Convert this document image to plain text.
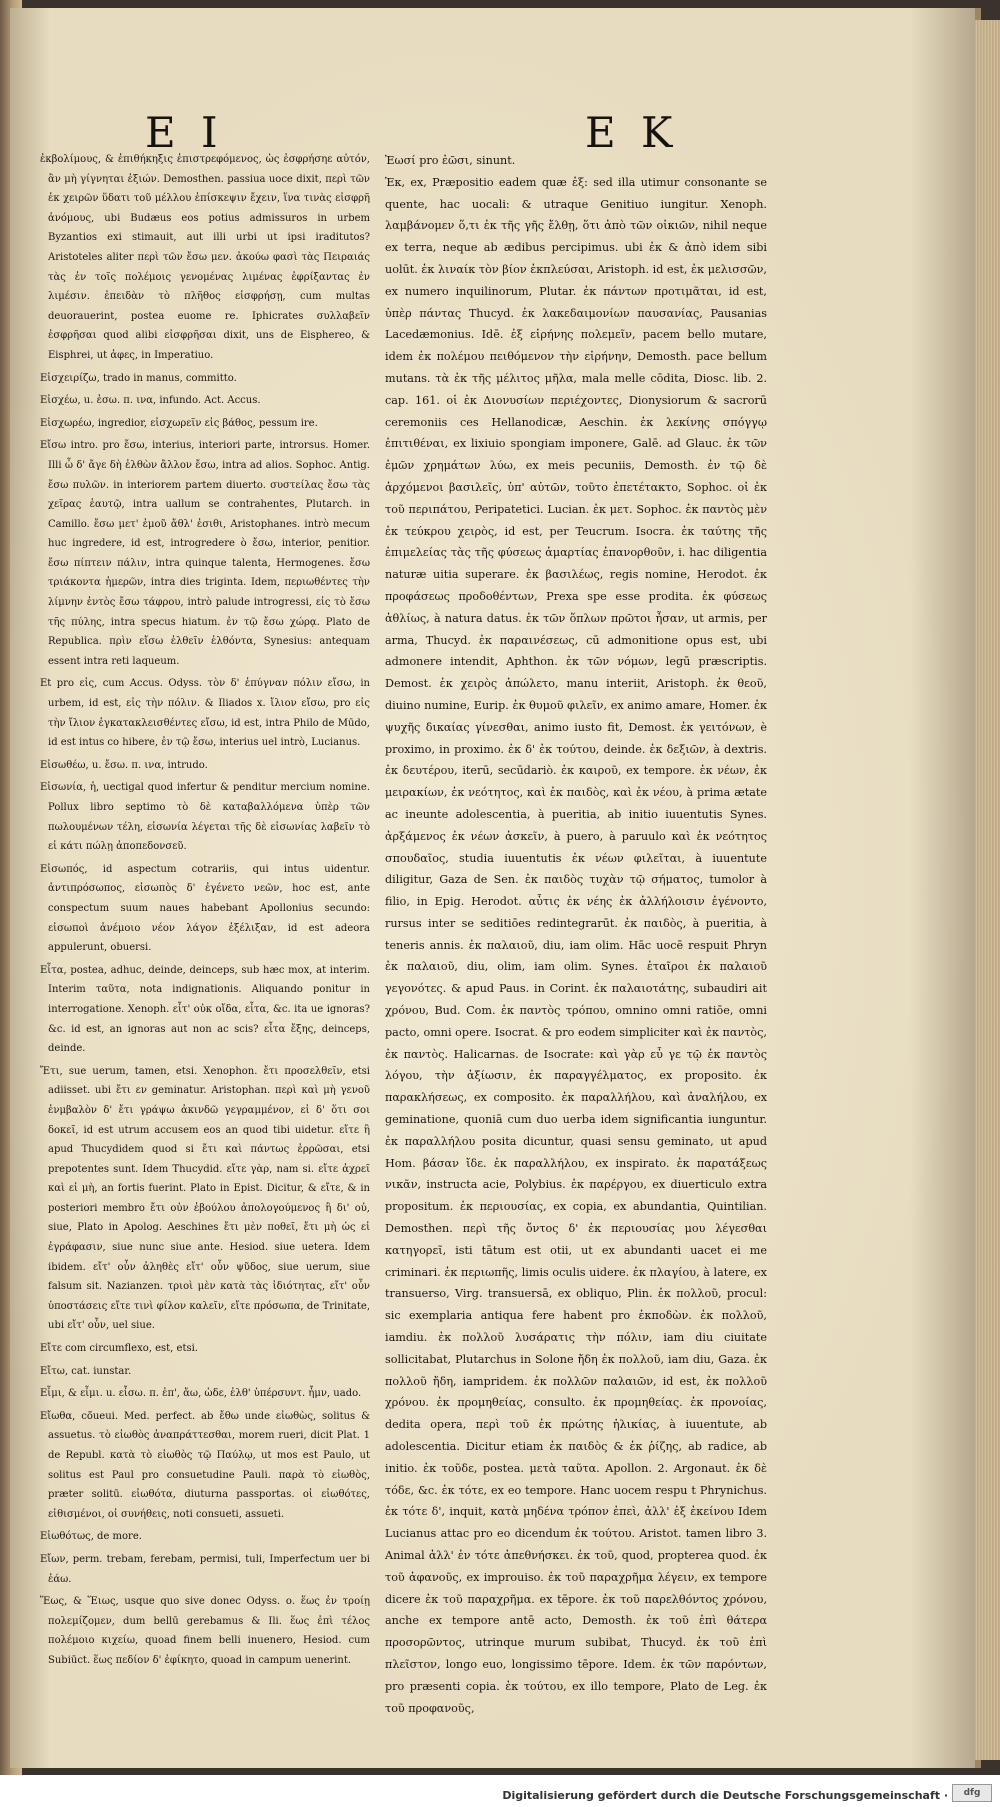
E I	E K

ἐκβολίμους, & ἐπιθήκηξις ἐπιστρεφόμενος, ὡς ἐσφρήσηε αὐτόν, ἂν μὴ γίγνηται ἐξιών. Demosthen. passiua uoce dixit, περὶ τῶν ἐκ χειρῶν ὕδατι τοῦ μέλλου ἐπίσκεψιν ἔχειν, ἵνα τινὰς εἰσφρῆ ἀνόμους, ubi Budæus eos potius admissuros in urbem Byzantios exi stimauit, aut illi urbi ut ipsi iraditutos? Aristoteles aliter περὶ τῶν ἔσω μεν. ἀκούω φασὶ τὰς Πειραιάς τὰς ἐν τοῖς πολέμοις γενομένας λιμένας ἐφρίξαντας ἐν λιμέσιν. ἐπειδὰν τὸ πλῆθος εἰσφρήσῃ, cum multas deuorauerint, postea euome re. Iphicrates συλλαβεῖν ἐσφρῆσαι quod alibi εἰσφρῆσαι dixit, uns de Eisphereo, & Eisphrei, ut ἀφες, in Imperatiuo.

Εἰσχειρίζω, trado in manus, committo.

Εἰσχέω, u. ἐσω. π. ινα, infundo. Act. Accus.

Εἰσχωρέω, ingredior, εἰσχωρεῖν εἰς βάθος, pessum ire.

Εἴσω intro. pro ἔσω, interius, interiori parte, introrsus. Homer. Illi ὦ δ' ἄγε δὴ ἐλθὼν ἄλλον ἔσω, intra ad alios. Sophoc. Antig. ἔσω πυλῶν. in interiorem partem diuerto. συστείλας ἔσω τὰς χεῖρας ἑαυτῷ, intra uallum se contrahentes, Plutarch. in Camillo. ἔσω μετ' ἐμοῦ ἄθλ' ἐσιθι, Aristophanes. intrò mecum huc ingredere, id est, introgredere ò ἔσω, interior, penitior. ἔσω πίπτειν πάλιν, intra quinque talenta, Hermogenes. ἔσω τριάκοντα ἡμερῶν, intra dies triginta. Idem, περιωθέντες τὴν λίμνην ἐντὸς ἔσω τάφρου, intrò palude introgressi, εἰς τὸ ἔσω τῆς πύλης, intra specus hiatum. ἐν τῷ ἔσω χώρᾳ. Plato de Republica. πρὶν εἴσω ἐλθεῖν ἐλθόντα, Synesius: antequam essent intra reti laqueum.

Et pro εἰς, cum Accus. Odyss. τὸν δ' ἐπύγναν πόλιν εἴσω, in urbem, id est, εἰς τὴν πόλιν. & Iliados x. ἴλιον εἴσω, pro εἰς τὴν ἴλιον ἐγκατακλεισθέντες εἴσω, id est, intra Philo de Mūdo, id est intus co hibere, ἐν τῷ ἔσω, interius uel intrò, Lucianus.

Εἰσωθέω, u. ἔσω. π. ινα, intrudo.

Εἰσωνία, ἡ, uectigal quod infertur & penditur mercium nomine. Pollux libro septimo τὸ δὲ καταβαλλόμενα ὑπὲρ τῶν πωλουμένων τέλη, εἰσωνία λέγεται τῆς δὲ εἰσωνίας λαβεῖν τὸ εἰ κάτι πώλῃ ἀποπεδονσεῦ.

Εἰσωπός, id aspectum cotrariis, qui intus uidentur. ἀντιπρόσωπος, εἰσωπὸς δ' ἐγένετο νεῶν, hoc est, ante conspectum suum naues habebant Apollonius secundo: εἰσωποὶ ἀνέμοιο νέον λάγον ἐξέλιξαν, id est adeora appulerunt, obuersi.

Εἶτα, postea, adhuc, deinde, deinceps, sub hæc mox, at interim. Interim ταῦτα, nota indignationis. Aliquando ponitur in interrogatione. Xenoph. εἶτ' οὐκ οἴδα, εἶτα, &c. ita ue ignoras? &c. id est, an ignoras aut non ac scis? εἶτα ἔξης, deinceps, deinde.

Ἔτι, sue uerum, tamen, etsi. Xenophon. ἔτι προσελθεῖν, etsi adiisset. ubi ἔτι εν geminatur. Aristophan. περὶ καὶ μὴ γενοῦ ἐνμβαλὸν δ' ἔτι γράψω ἀκινδῶ γεγραμμένον, εἰ δ' ὅτι σοι δοκεῖ, id est utrum accusem eos an quod tibi uidetur. εἴτε ἢ apud Thucydidem quod si ἔτι καὶ πάντως ἐρρῶσαι, etsi prepotentes sunt. Idem Thucydid. εἴτε γὰρ, nam si. εἴτε ἀχρεῖ καὶ εἰ μὴ, an fortis fuerint. Plato in Epist. Dicitur, & εἴτε, & in posteriori membro ἔτι οὐν ἐβούλου ἀπολογούμενος ἢ δι' οὐ, siue, Plato in Apolog. Aeschines ἔτι μὲν ποθεῖ, ἔτι μὴ ὡς εἰ ἐγράφασιν, siue nunc siue ante. Hesiod. siue uetera. Idem ibidem. εἴτ' οὖν ἀληθὲς εἴτ' οὖν ψῦδος, siue uerum, siue falsum sit. Nazianzen. τριοὶ μὲν κατὰ τὰς ἰδιότητας, εἴτ' οὖν ὑποστάσεις εἴτε τινὶ φίλον καλεῖν, εἴτε πρόσωπα, de Trinitate, ubi εἴτ' οὖν, uel siue.

Εἴτε com circumflexo, est, etsi.

Εἴτω, cat. iunstar.

Εἶμι, & εἶμι. u. εἶσω. π. ἐπ', ἄω, ὡδε, ἐλθ' ὑπέρσυντ. ἦμν, uado.

Εἴωθα, cō̄ueui. Med. perfect. ab ἔθω unde εἰωθὼς, solitus & assuetus. τὸ εἰωθὸς ἀναπράττεσθαι, morem rueri, dicit Plat. 1 de Republ. κατὰ τὸ εἰωθὸς τῷ Παύλῳ, ut mos est Paulo, ut solitus est Paul pro consuetudine Pauli. παρὰ τὸ εἰωθὸς, præter solitū. εἰωθότα, diuturna passportas. οἱ εἰωθότες, εἰθισμένοι, οἱ συνήθεις, noti consueti, assueti.

Εἰωθότως, de more.

Εἴων, perm. trebam, ferebam, permisi, tuli, Imperfectum uer bi ἐάω.

Ἕως, & Ἕιως, usque quo sive donec Odyss. ο. ἕως ἐν τροίῃ πολεμίζομεν, dum bellū gerebamus & Ili. ἕως ἐπὶ τέλος πολέμοιο κιχείω, quoad finem belli inuenero, Hesiod. cum Subiūct. ἕως πεδίον δ' ἐφίκητο, quoad in campum uenerint.

Ἐωσί pro ἐῶσι, sinunt.

Ἐκ, ex, Præpositio eadem quæ ἐξ: sed illa utimur consonante se quente, hac uocali: & utraque Genitiuo iungitur. Xenoph. λαμβάνομεν ὅ,τι ἐκ τῆς γῆς ἔλθῃ, ὅτι ἀπὸ τῶν οἰκιῶν, nihil neque ex terra, neque ab ædibus percipimus. ubi ἐκ & ἀπὸ idem sibi uolūt. ἐκ λιναίκ τὸν βίον ἐκπλεύσαι, Aristoph. id est, ἐκ μελισσῶν, ex numero inquilinorum, Plutar. ἐκ πάντων προτιμᾶται, id est, ὑπὲρ πάντας Thucyd. ἐκ λακεδαιμονίων παυσανίας, Pausanias Lacedæmonius. Idē. ἐξ εἰρήνης πολεμεῖν, pacem bello mutare, idem ἐκ πολέμου πειθόμενον τὴν εἰρήνην, Demosth. pace bellum mutans. τὰ ἐκ τῆς μέλιτος μῆλα, mala melle cōdita, Diosc. lib. 2. cap. 161. οἱ ἐκ Διονυσίων περιέχοντες, Dionysiorum & sacrorū ceremoniis ces Hellanodicæ, Aeschin. ἐκ λεκίνης σπόγγῳ ἐπιτιθέναι, ex lixiuio spongiam imponere, Galē. ad Glauc. ἐκ τῶν ἐμῶν χρημάτων λύω, ex meis pecuniis, Demosth. ἐν τῷ δὲ ἀρχόμενοι βασιλεῖς, ὑπ' αὐτῶν, τοῦτο ἐπετέτακτο, Sophoc. οἱ ἐκ τοῦ περιπάτου, Peripatetici. Lucian. ἐκ μετ. Sophoc. ἐκ παντὸς μὲν ἐκ τεύκρου χειρὸς, id est, per Teucrum. Isocra. ἐκ ταύτης τῆς ἐπιμελείας τὰς τῆς φύσεως ἁμαρτίας ἐπανορθοῦν, i. hac diligentia naturæ uitia superare. ἐκ βασιλέως, regis nomine, Herodot. ἐκ προφάσεως προδοθέντων, Prexa spe esse prodita. ἐκ φύσεως ἀθλίως, à natura datus. ἐκ τῶν ὅπλων πρῶτοι ἦσαν, ut armis, per arma, Thucyd. ἐκ παραινέσεως, cū admonitione opus est, ubi admonere intendit, Aphthon. ἐκ τῶν νόμων, legū præscriptis. Demost. ἐκ χειρὸς ἀπώλετο, manu interiit, Aristoph. ἐκ θεοῦ, diuino numine, Eurip. ἐκ θυμοῦ φιλεῖν, ex animo amare, Homer. ἐκ ψυχῆς δικαίας γίνεσθαι, animo iusto fit, Demost. ἐκ γειτόνων, è proximo, in proximo. ἐκ δ' ἐκ τούτου, deinde. ἐκ δεξιῶν, à dextris. ἐκ δευτέρου, iterū, secūdariò. ἐκ καιροῦ, ex tempore. ἐκ νέων, ἐκ μειρακίων, ἐκ νεότητος, καὶ ἐκ παιδὸς, καὶ ἐκ νέου, à prima ætate ac ineunte adolescentia, à pueritia, ab initio iuuentutis Synes. ἀρξάμενος ἐκ νέων ἀσκεῖν, à puero, à paruulo καὶ ἐκ νεότητος σπουδαῖος, studia iuuentutis ἐκ νέων φιλεῖται, à iuuentute diligitur, Gaza de Sen. ἐκ παιδὸς τυχὰν τῷ σήματος, tumolor à filio, in Epig. Herodot. αὖτις ἐκ νέης ἐκ ἀλλήλοισιν ἐγένοντο, rursus inter se seditiōes redintegrarūt. ἐκ παιδὸς, à pueritia, à teneris annis. ἐκ παλαιοῦ, diu, iam olim. Hāc uocē respuit Phryn ἐκ παλαιοῦ, diu, olim, iam olim. Synes. ἑταῖροι ἐκ παλαιοῦ γεγονότες. & apud Paus. in Corint. ἐκ παλαιοτάτης, subaudiri ait χρόνου, Bud. Com. ἐκ παντὸς τρόπου, omnino omni ratiōe, omni pacto, omni opere. Isocrat. & pro eodem simpliciter καὶ ἐκ παντὸς, ἐκ παντὸς. Halicarnas. de Isocrate: καὶ γὰρ εὖ γε τῷ ἐκ παντὸς λόγου, τὴν ἀξίωσιν, ἐκ παραγγέλματος, ex proposito. ἐκ παρακλήσεως, ex composito. ἐκ παραλλήλου, καὶ ἀναλήλου, ex geminatione, quoniā cum duo uerba idem significantia iunguntur. ἐκ παραλλήλου posita dicuntur, quasi sensu geminato, ut apud Hom. βάσαν ἴδε. ἐκ παραλλήλου, ex inspirato. ἐκ παρατάξεως νικᾶν, instructa acie, Polybius. ἐκ παρέργου, ex diuerticulo extra propositum. ἐκ περιουσίας, ex copia, ex abundantia, Quintilian. Demosthen. περὶ τῆς ὄντος δ' ἐκ περιουσίας μου λέγεσθαι κατηγορεῖ, isti tātum est otii, ut ex abundanti uacet ei me criminari. ἐκ περιωπῆς, limis oculis uidere. ἐκ πλαγίου, à latere, ex transuerso, Virg. transuersā, ex obliquo, Plin. ἐκ πολλοῦ, procul: sic exemplaria antiqua fere habent pro ἐκποδὼν. ἐκ πολλοῦ, iamdiu. ἐκ πολλοῦ λυσάρατις τὴν πόλιν, iam diu ciuitate sollicitabat, Plutarchus in Solone ἤδη ἐκ πολλοῦ, iam diu, Gaza. ἐκ πολλοῦ ἤδη, iampridem. ἐκ πολλῶν παλαιῶν, id est, ἐκ πολλοῦ χρόνου. ἐκ προμηθείας, consulto. ἐκ προμηθείας. ἐκ προνοίας, dedita opera, περὶ τοῦ ἐκ πρώτης ἡλικίας, à iuuentute, ab adolescentia. Dicitur etiam ἐκ παιδὸς & ἐκ ῥίζης, ab radice, ab initio. ἐκ τοῦδε, postea. μετὰ ταῦτα. Apollon. 2. Argonaut. ἐκ δὲ τόδε, &c. ἐκ τότε, ex eo tempore. Hanc uocem respu t Phrynichus. ἐκ τότε δ', inquit, κατὰ μηδένα τρόπον ἐπεὶ, ἀλλ' ἐξ ἐκείνου Idem Lucianus attac pro eo dicendum ἐκ τούτου. Aristot. tamen libro 3. Animal ἀλλ' ἐν τότε ἀπεθνήσκει. ἐκ τοῦ, quod, propterea quod. ἐκ τοῦ ἀφανοῦς, ex improuiso. ἐκ τοῦ παραχρῆμα λέγειν, ex tempore dicere ἐκ τοῦ παραχρῆμα. ex tēpore. ἐκ τοῦ παρελθόντος χρόνου, anche ex tempore antē acto, Demosth. ἐκ τοῦ ἐπὶ θάτερα προσορῶντος, utrinque murum subibat, Thucyd. ἐκ τοῦ ἐπὶ πλεῖστον, longo euo, longissimo tēpore. Idem. ἐκ τῶν παρόντων, pro præsenti copia. ἐκ τούτου, ex illo tempore, Plato de Leg. ἐκ τοῦ προφανοῦς,

Digitalisierung gefördert durch die Deutsche Forschungsgemeinschaft ·	dfg
